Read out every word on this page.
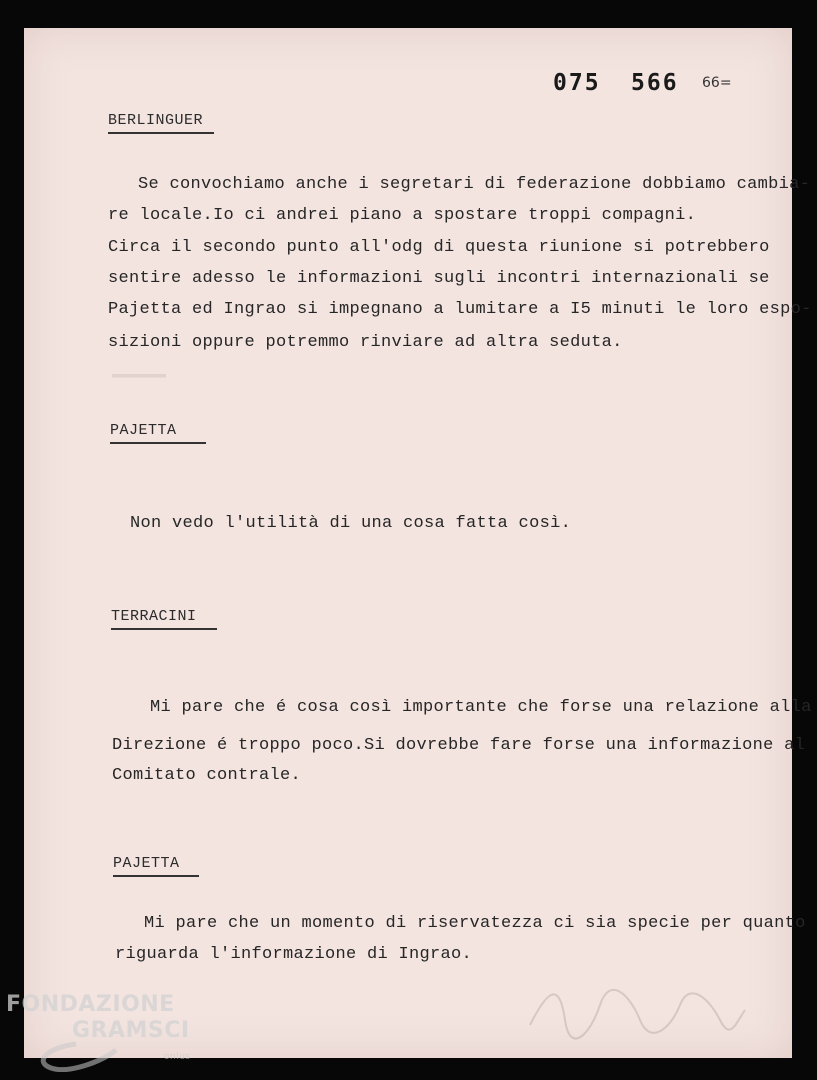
075 566 66=
▬▬▬▬▬▬
BERLINGUER
Se convochiamo anche i segretari di federazione dobbiamo cambia-
re locale.Io ci andrei piano a spostare troppi compagni.
Circa il secondo punto all'odg di questa riunione si potrebbero
sentire adesso le informazioni sugli incontri internazionali se
Pajetta ed Ingrao si impegnano a lumitare a I5 minuti le loro espo-
sizioni oppure potremmo rinviare ad altra seduta.
PAJETTA
Non vedo l'utilità di una cosa fatta così.
TERRACINI
Mi pare che é cosa così importante che forse una relazione alla
Direzione é troppo poco.Si dovrebbe fare forse una informazione al
Comitato contrale.
PAJETTA
Mi pare che un momento di riservatezza ci sia specie per quanto
riguarda l'informazione di Ingrao.
FONDAZIONE
GRAMSCI
onlus
